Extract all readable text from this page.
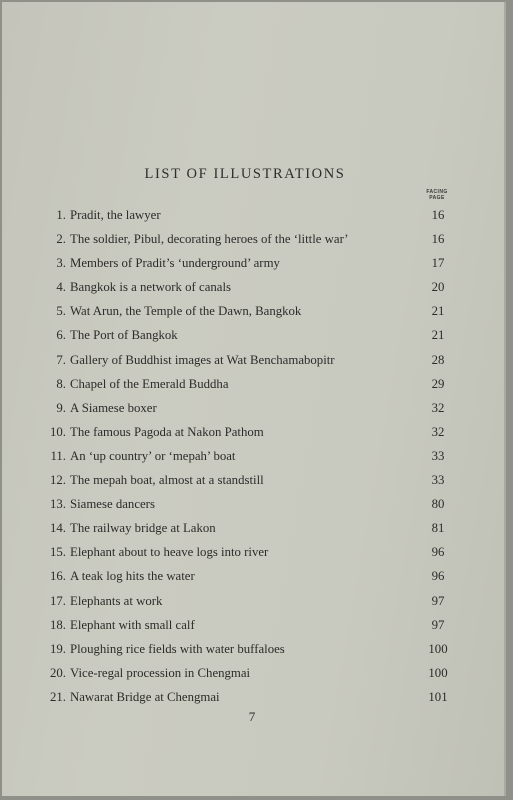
LIST OF ILLUSTRATIONS
FACING
PAGE
1. Pradit, the lawyer	16
2. The soldier, Pibul, decorating heroes of the ‘little war’	16
3. Members of Pradit’s ‘underground’ army	17
4. Bangkok is a network of canals	20
5. Wat Arun, the Temple of the Dawn, Bangkok	21
6. The Port of Bangkok	21
7. Gallery of Buddhist images at Wat Benchamabopitr	28
8. Chapel of the Emerald Buddha	29
9. A Siamese boxer	32
10. The famous Pagoda at Nakon Pathom	32
11. An ‘up country’ or ‘mepah’ boat	33
12. The mepah boat, almost at a standstill	33
13. Siamese dancers	80
14. The railway bridge at Lakon	81
15. Elephant about to heave logs into river	96
16. A teak log hits the water	96
17. Elephants at work	97
18. Elephant with small calf	97
19. Ploughing rice fields with water buffaloes	100
20. Vice-regal procession in Chengmai	100
21. Nawarat Bridge at Chengmai	101
7
